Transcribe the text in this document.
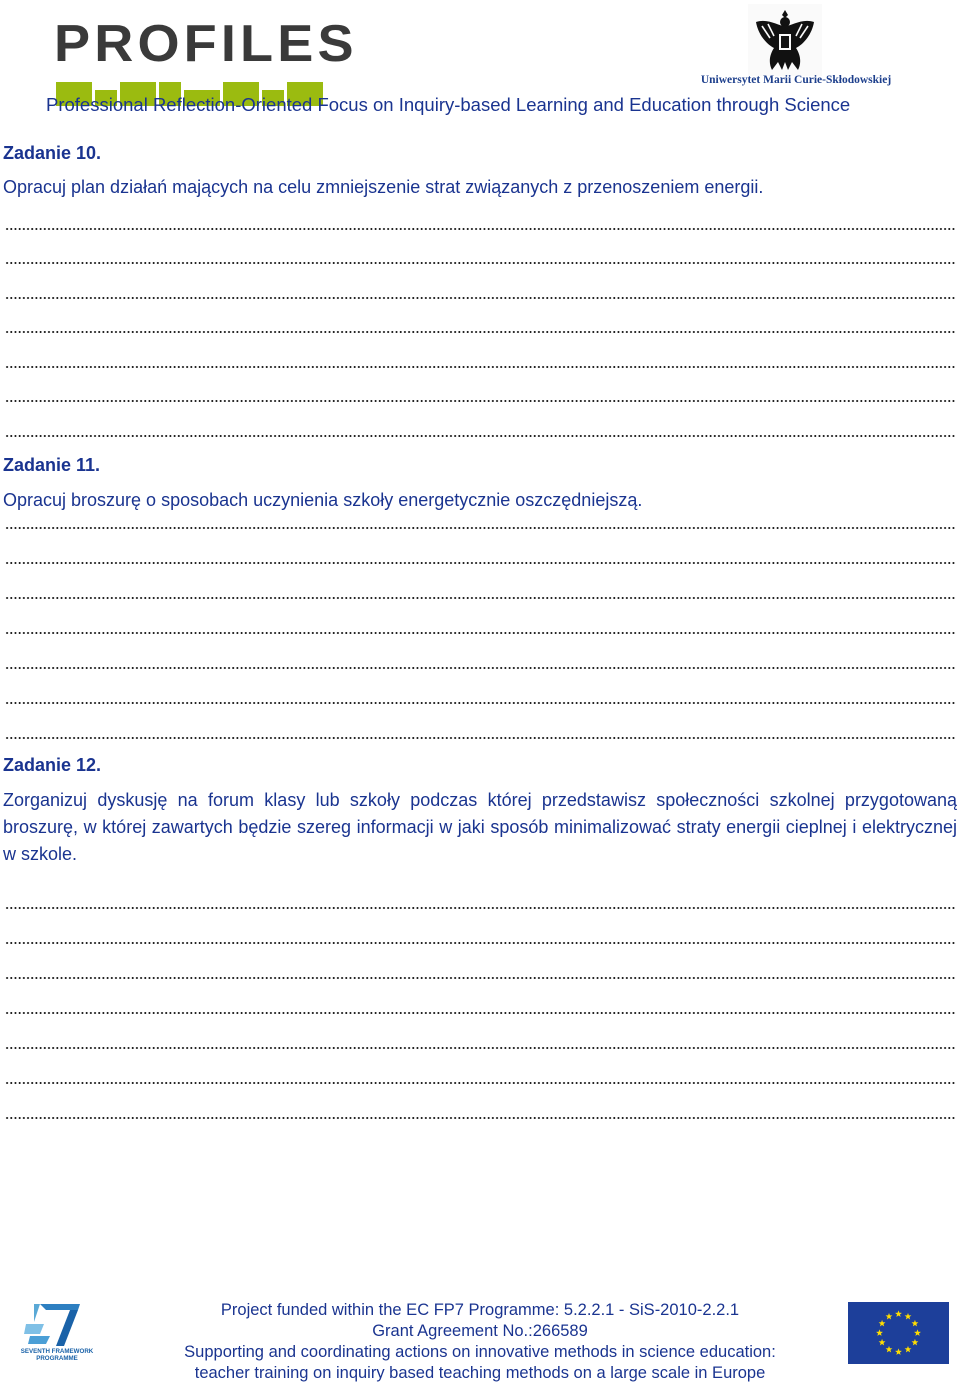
PROFILES
Uniwersytet Marii Curie-Skłodowskiej
Professional Reflection-Oriented Focus on Inquiry-based Learning and Education through Science
Zadanie 10.
Opracuj plan działań mających na celu zmniejszenie strat związanych z przenoszeniem energii.
Zadanie 11.
Opracuj broszurę o sposobach uczynienia szkoły energetycznie oszczędniejszą.
Zadanie 12.
Zorganizuj dyskusję na forum klasy lub szkoły podczas której przedstawisz społeczności szkolnej przygotowaną broszurę, w której zawartych będzie szereg informacji w jaki sposób minimalizować straty energii cieplnej i elektrycznej w szkole.
SEVENTH FRAMEWORK
PROGRAMME
Project funded within the EC FP7 Programme: 5.2.2.1 - SiS-2010-2.2.1
Grant Agreement No.:266589
Supporting and coordinating actions on innovative methods in science education:
teacher training on inquiry based teaching methods on a large scale in Europe
